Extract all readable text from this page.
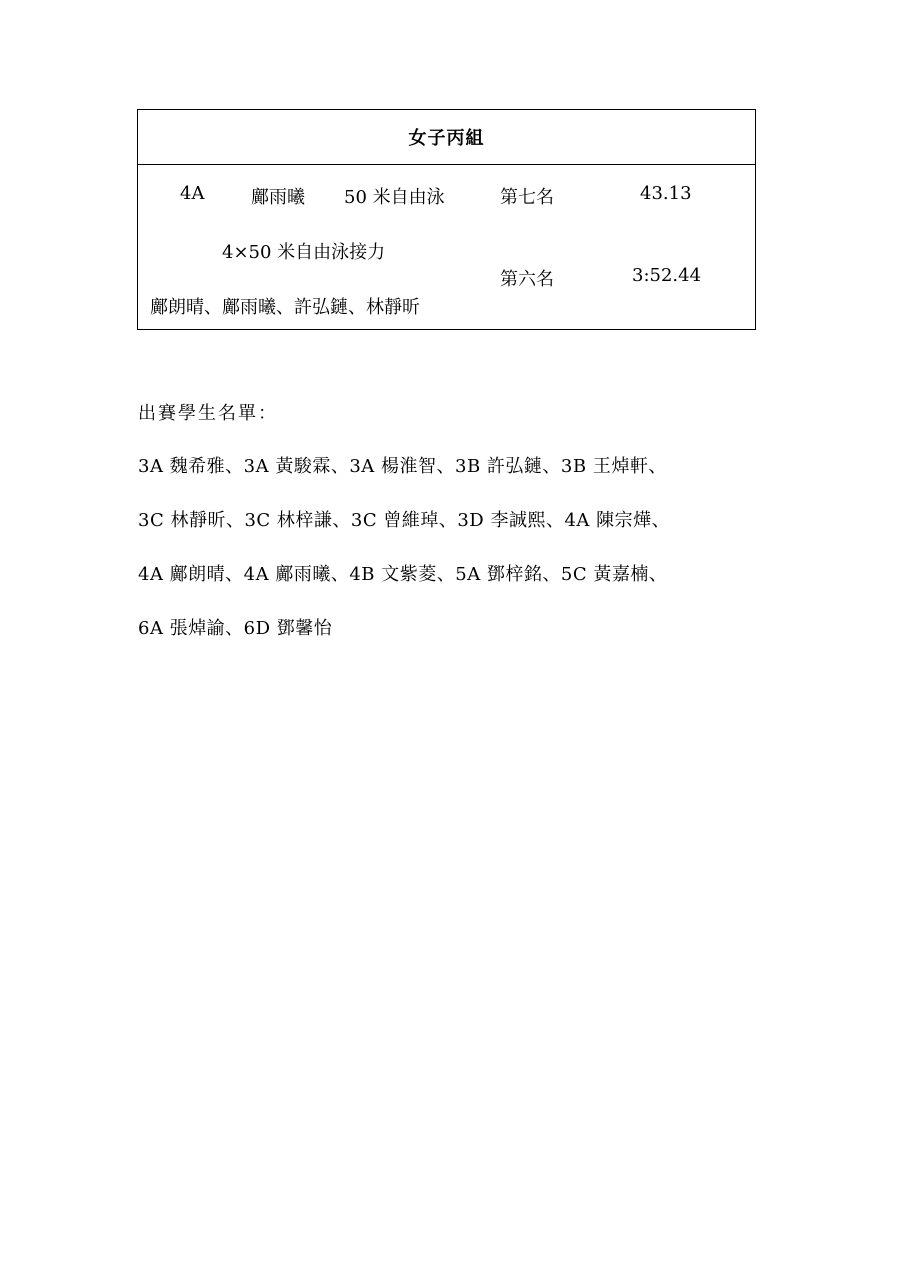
女子丙組
4A	鄺雨曦 50 米自由泳	第七名	43.13
4×50 米自由泳接力
第六名	3:52.44
鄺朗晴、鄺雨曦、許弘鏈、林靜昕
出賽學生名單：
3A 魏希雅、3A 黃駿霖、3A 楊淮智、3B 許弘鏈、3B 王焯軒、
3C 林靜昕、3C 林梓謙、3C 曾維琸、3D 李誠熙、4A 陳宗燁、
4A 鄺朗晴、4A 鄺雨曦、4B 文紫菱、5A 鄧梓銘、5C 黃嘉楠、
6A 張焯諭、6D 鄧馨怡
